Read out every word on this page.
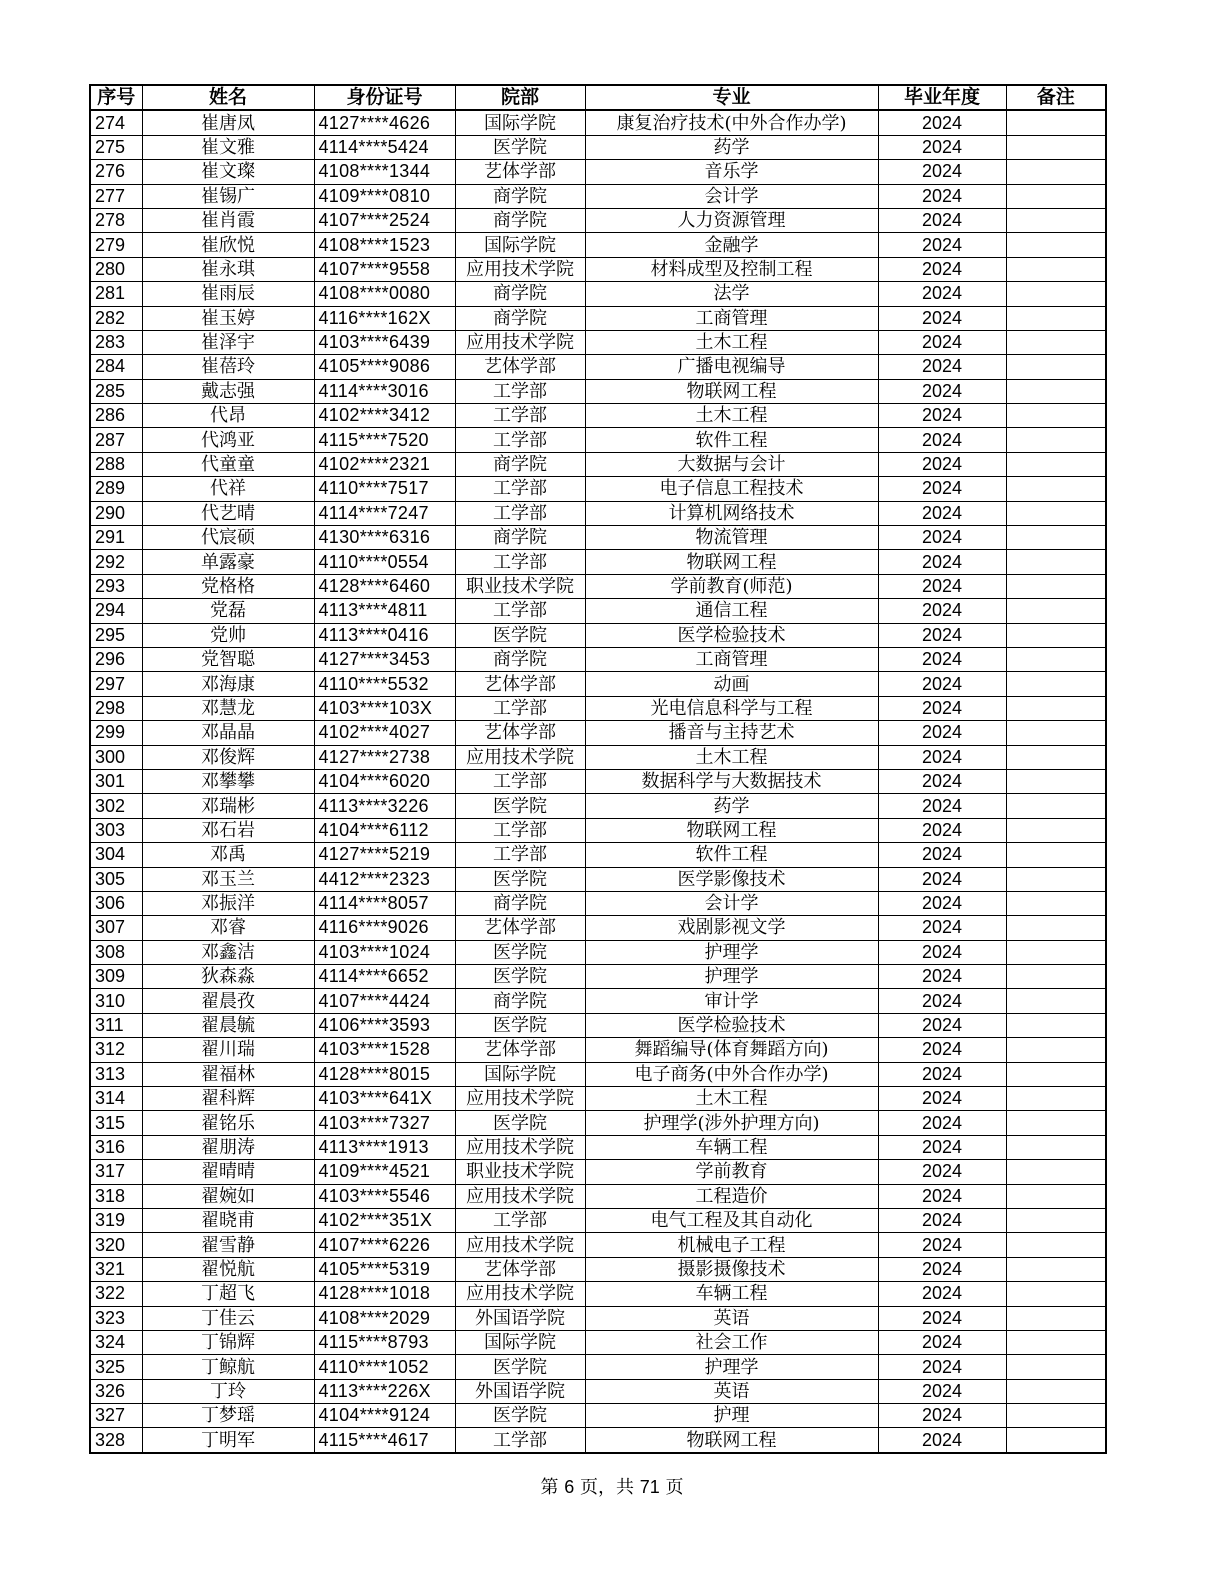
序号	姓名	身份证号	院部	专业	毕业年度	备注
274	崔唐凤	4127****4626	国际学院	康复治疗技术(中外合作办学)	2024	
275	崔文雅	4114****5424	医学院	药学	2024	
276	崔文璨	4108****1344	艺体学部	音乐学	2024	
277	崔锡广	4109****0810	商学院	会计学	2024	
278	崔肖霞	4107****2524	商学院	人力资源管理	2024	
279	崔欣悦	4108****1523	国际学院	金融学	2024	
280	崔永琪	4107****9558	应用技术学院	材料成型及控制工程	2024	
281	崔雨辰	4108****0080	商学院	法学	2024	
282	崔玉婷	4116****162X	商学院	工商管理	2024	
283	崔泽宇	4103****6439	应用技术学院	土木工程	2024	
284	崔蓓玲	4105****9086	艺体学部	广播电视编导	2024	
285	戴志强	4114****3016	工学部	物联网工程	2024	
286	代昂	4102****3412	工学部	土木工程	2024	
287	代鸿亚	4115****7520	工学部	软件工程	2024	
288	代童童	4102****2321	商学院	大数据与会计	2024	
289	代祥	4110****7517	工学部	电子信息工程技术	2024	
290	代艺晴	4114****7247	工学部	计算机网络技术	2024	
291	代宸硕	4130****6316	商学院	物流管理	2024	
292	单露豪	4110****0554	工学部	物联网工程	2024	
293	党格格	4128****6460	职业技术学院	学前教育(师范)	2024	
294	党磊	4113****4811	工学部	通信工程	2024	
295	党帅	4113****0416	医学院	医学检验技术	2024	
296	党智聪	4127****3453	商学院	工商管理	2024	
297	邓海康	4110****5532	艺体学部	动画	2024	
298	邓慧龙	4103****103X	工学部	光电信息科学与工程	2024	
299	邓晶晶	4102****4027	艺体学部	播音与主持艺术	2024	
300	邓俊辉	4127****2738	应用技术学院	土木工程	2024	
301	邓攀攀	4104****6020	工学部	数据科学与大数据技术	2024	
302	邓瑞彬	4113****3226	医学院	药学	2024	
303	邓石岩	4104****6112	工学部	物联网工程	2024	
304	邓禹	4127****5219	工学部	软件工程	2024	
305	邓玉兰	4412****2323	医学院	医学影像技术	2024	
306	邓振洋	4114****8057	商学院	会计学	2024	
307	邓睿	4116****9026	艺体学部	戏剧影视文学	2024	
308	邓鑫洁	4103****1024	医学院	护理学	2024	
309	狄森淼	4114****6652	医学院	护理学	2024	
310	翟晨孜	4107****4424	商学院	审计学	2024	
311	翟晨毓	4106****3593	医学院	医学检验技术	2024	
312	翟川瑞	4103****1528	艺体学部	舞蹈编导(体育舞蹈方向)	2024	
313	翟福林	4128****8015	国际学院	电子商务(中外合作办学)	2024	
314	翟科辉	4103****641X	应用技术学院	土木工程	2024	
315	翟铭乐	4103****7327	医学院	护理学(涉外护理方向)	2024	
316	翟朋涛	4113****1913	应用技术学院	车辆工程	2024	
317	翟晴晴	4109****4521	职业技术学院	学前教育	2024	
318	翟婉如	4103****5546	应用技术学院	工程造价	2024	
319	翟晓甫	4102****351X	工学部	电气工程及其自动化	2024	
320	翟雪静	4107****6226	应用技术学院	机械电子工程	2024	
321	翟悦航	4105****5319	艺体学部	摄影摄像技术	2024	
322	丁超飞	4128****1018	应用技术学院	车辆工程	2024	
323	丁佳云	4108****2029	外国语学院	英语	2024	
324	丁锦辉	4115****8793	国际学院	社会工作	2024	
325	丁鲸航	4110****1052	医学院	护理学	2024	
326	丁玲	4113****226X	外国语学院	英语	2024	
327	丁梦瑶	4104****9124	医学院	护理	2024	
328	丁明军	4115****4617	工学部	物联网工程	2024	
第 6 页，共 71 页
